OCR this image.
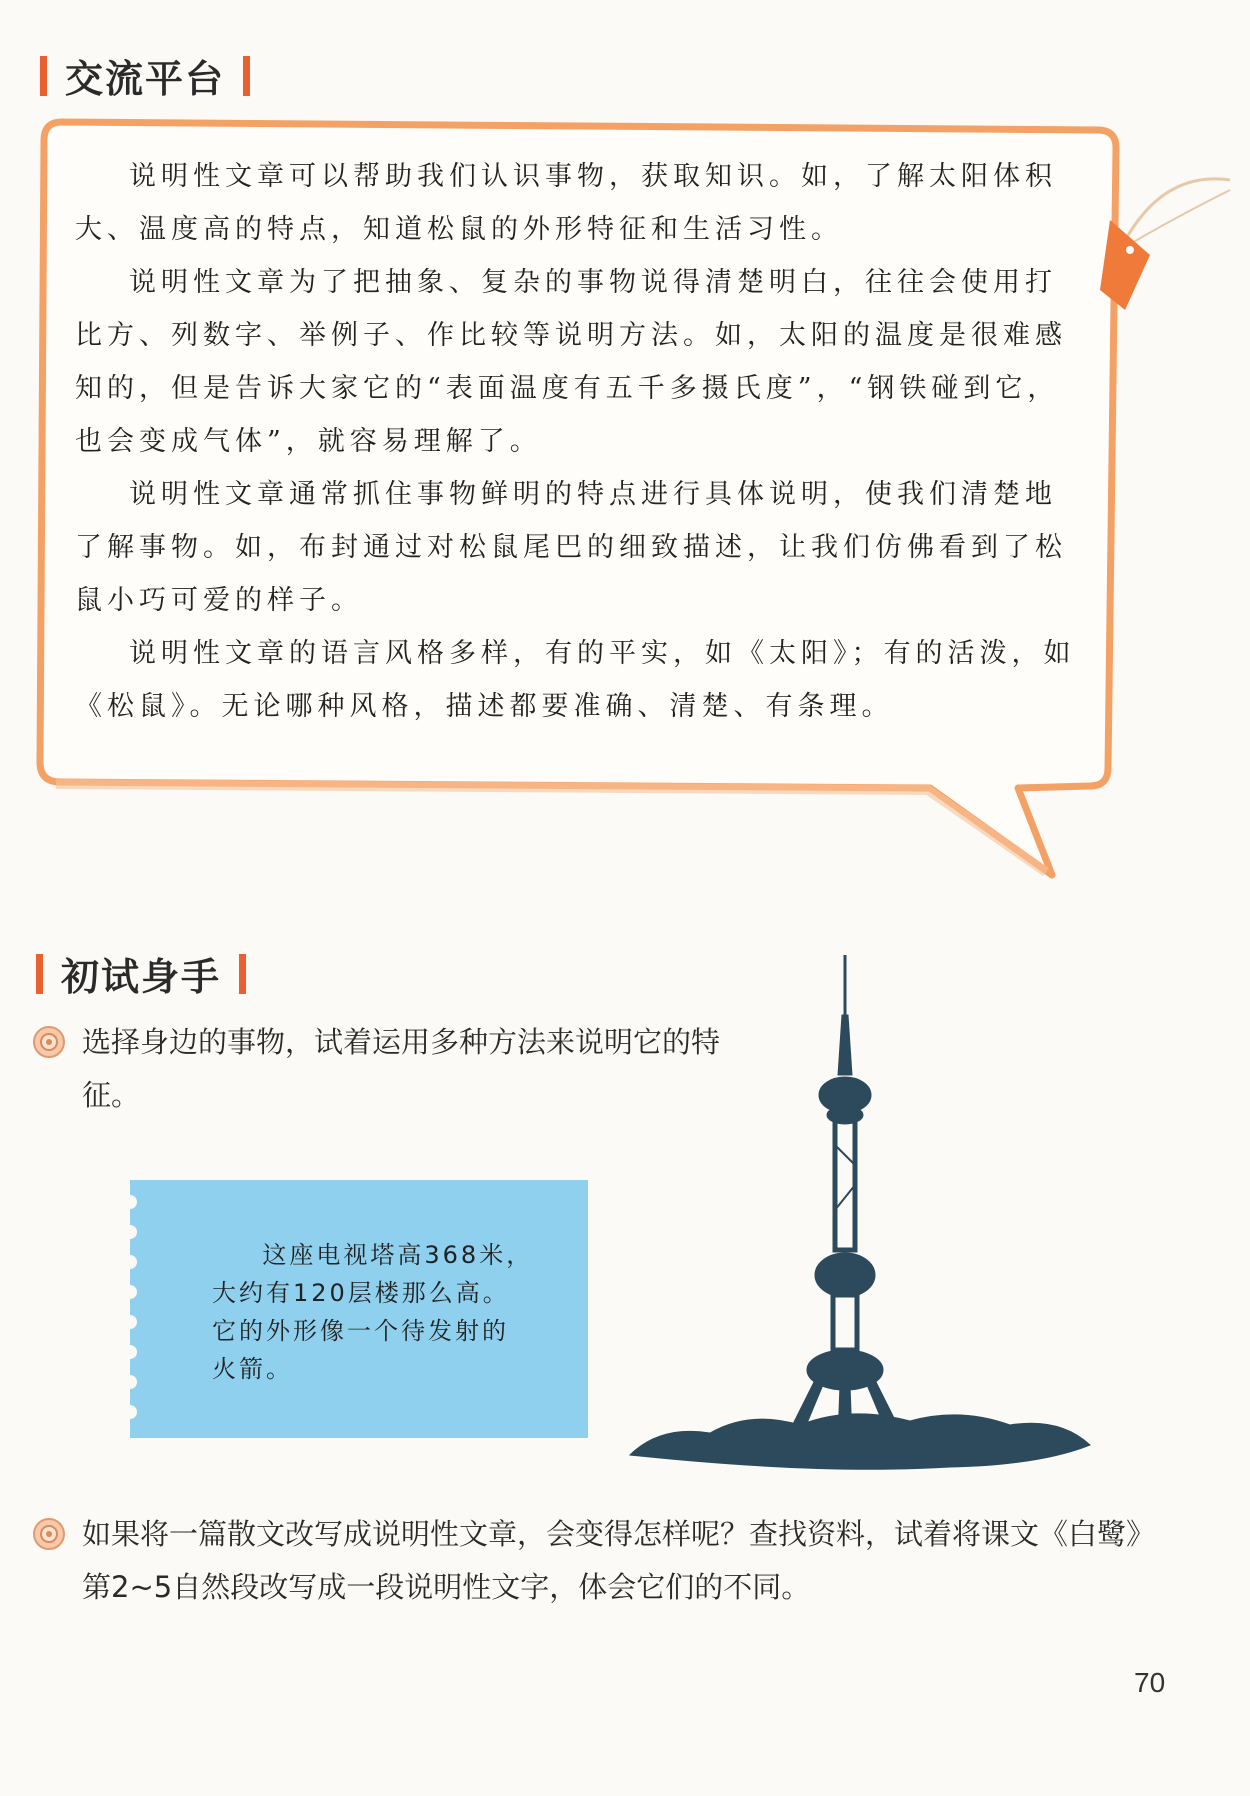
交流平台

说明性文章可以帮助我们认识事物，获取知识。如，了解太阳体积大、温度高的特点，知道松鼠的外形特征和生活习性。

说明性文章为了把抽象、复杂的事物说得清楚明白，往往会使用打比方、列数字、举例子、作比较等说明方法。如，太阳的温度是很难感知的，但是告诉大家它的“表面温度有五千多摄氏度”，“钢铁碰到它，也会变成气体”，就容易理解了。

说明性文章通常抓住事物鲜明的特点进行具体说明，使我们清楚地了解事物。如，布封通过对松鼠尾巴的细致描述，让我们仿佛看到了松鼠小巧可爱的样子。

说明性文章的语言风格多样，有的平实，如《太阳》；有的活泼，如《松鼠》。无论哪种风格，描述都要准确、清楚、有条理。

初试身手
选择身边的事物，试着运用多种方法来说明它的特征。
这座电视塔高368米，
大约有120层楼那么高。
它的外形像一个待发射的
火箭。
如果将一篇散文改写成说明性文章，会变得怎样呢？查找资料，试着将课文《白鹭》第2~5自然段改写成一段说明性文字，体会它们的不同。
70
